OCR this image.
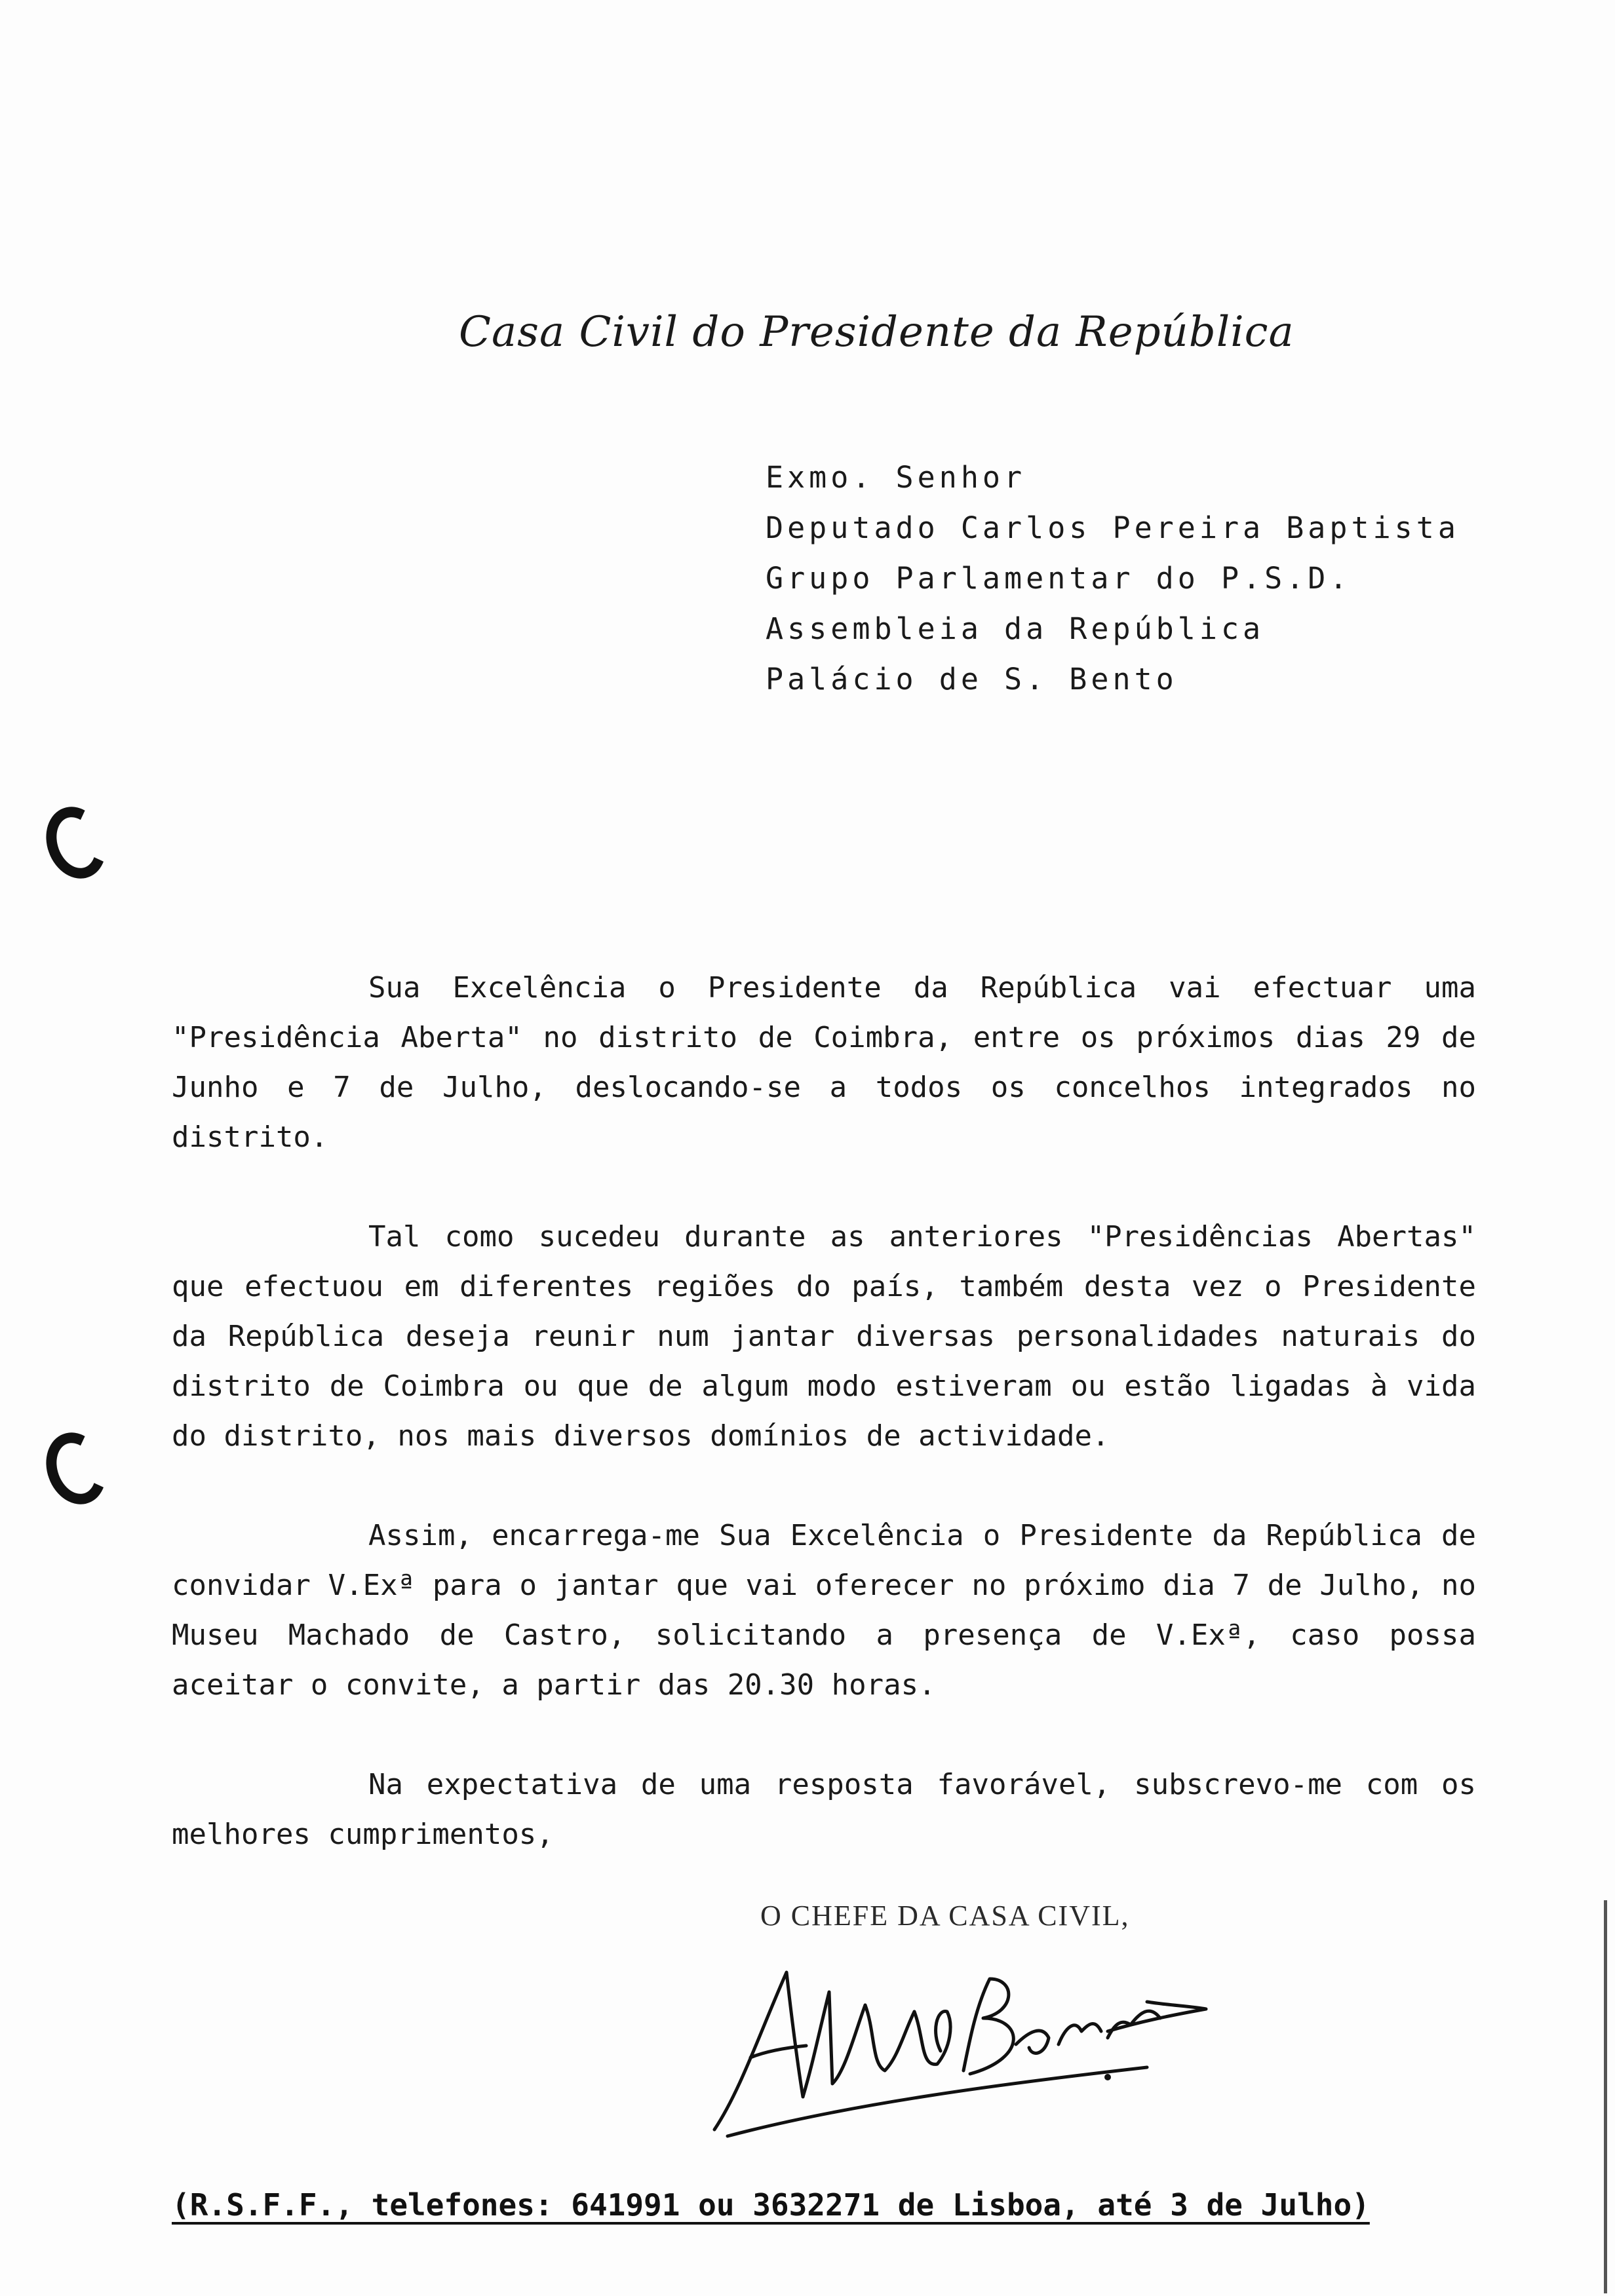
Casa Civil do Presidente da República
Exmo. Senhor
Deputado Carlos Pereira Baptista
Grupo Parlamentar do P.S.D.
Assembleia da República
Palácio de S. Bento

Sua Excelência o Presidente da República vai efectuar uma "Presidência Aberta" no distrito de Coimbra, entre os próximos dias 29 de Junho e 7 de Julho, deslocando-se a todos os concelhos integrados no distrito.

Tal como sucedeu durante as anteriores "Presidências Abertas" que efectuou em diferentes regiões do país, também desta vez o Presidente da República deseja reunir num jantar diversas personalidades naturais do distrito de Coimbra ou que de algum modo estiveram ou estão ligadas à vida do distrito, nos mais diversos domínios de actividade.

Assim, encarrega-me Sua Excelência o Presidente da República de convidar V.Exª para o jantar que vai oferecer no próximo dia 7 de Julho, no Museu Machado de Castro, solicitando a presença de V.Exª, caso possa aceitar o convite, a partir das 20.30 horas.

Na expectativa de uma resposta favorável, subscrevo-me com os melhores cumprimentos,

O CHEFE DA CASA CIVIL,
(R.S.F.F., telefones: 641991 ou 3632271 de Lisboa, até 3 de Julho)
